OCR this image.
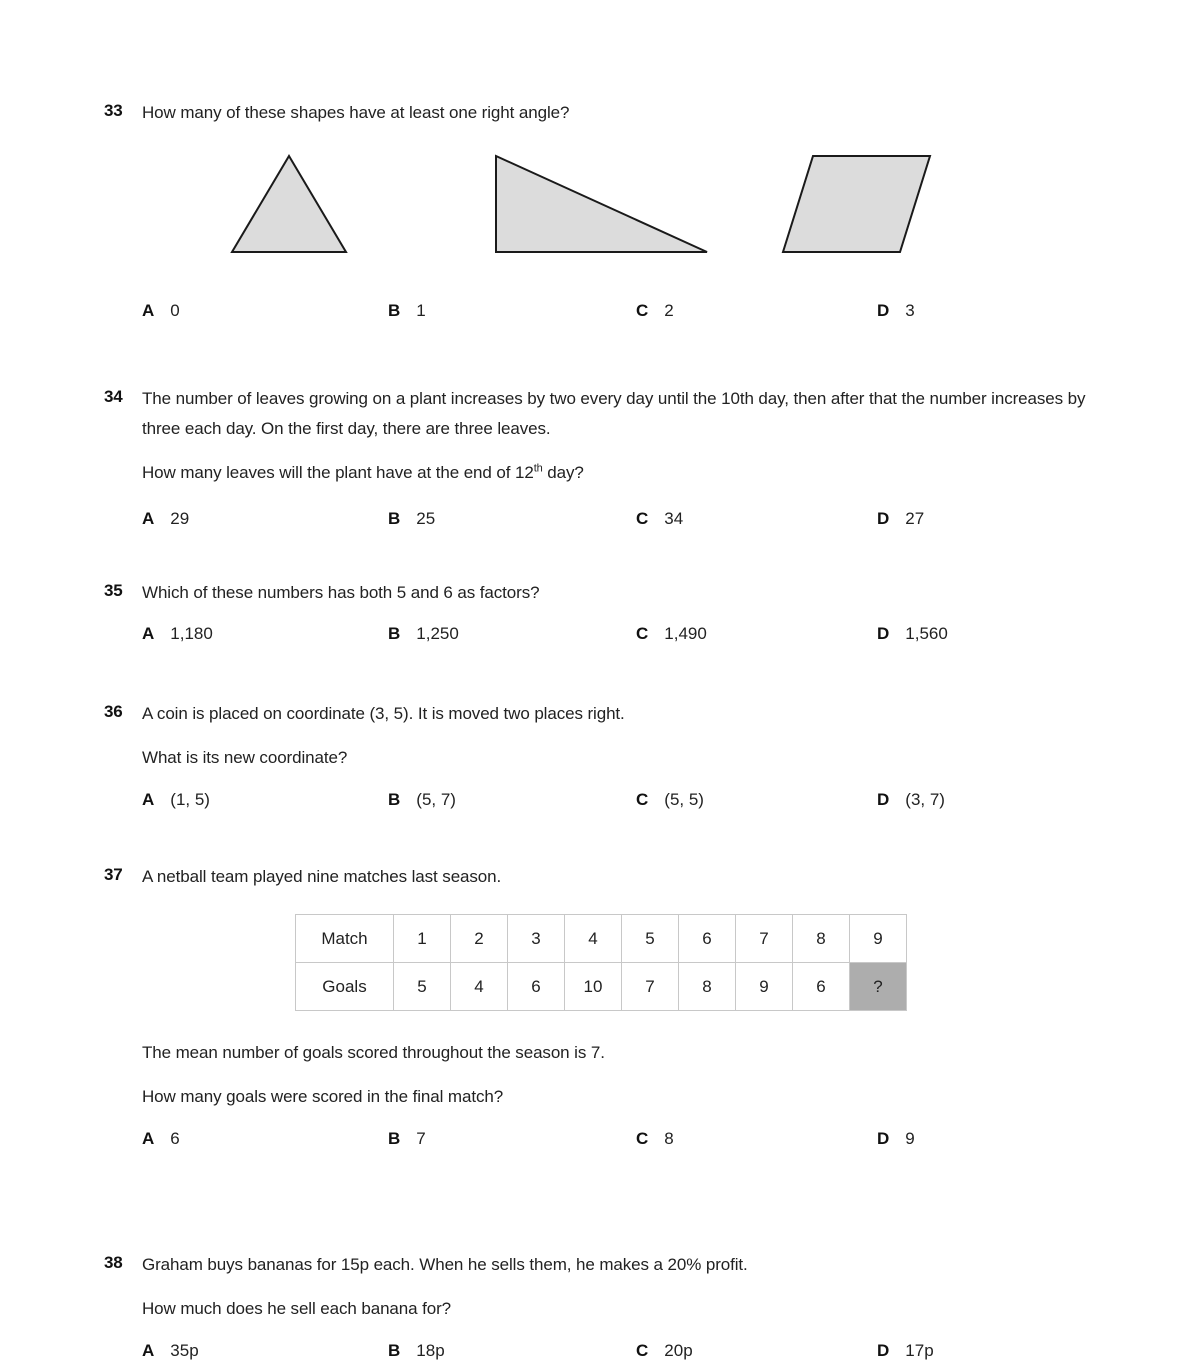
33	How many of these shapes have at least one right angle?

A 0	B 1	C 2	D 3
34	The number of leaves growing on a plant increases by two every day until the 10th day, then after that the number increases by three each day. On the first day, there are three leaves.

How many leaves will the plant have at the end of 12th day?

A 29	B 25	C 34	D 27
35	Which of these numbers has both 5 and 6 as factors?

A 1,180	B 1,250	C 1,490	D 1,560
36	A coin is placed on coordinate (3, 5). It is moved two places right.

What is its new coordinate?

A (1, 5)	B (5, 7)	C (5, 5)	D (3, 7)
37	A netball team played nine matches last season.

Match	1	2	3	4	5	6	7	8	9
Goals	5	4	6	10	7	8	9	6	?

The mean number of goals scored throughout the season is 7.

How many goals were scored in the final match?

A 6	B 7	C 8	D 9
38	Graham buys bananas for 15p each. When he sells them, he makes a 20% profit.

How much does he sell each banana for?

A 35p	B 18p	C 20p	D 17p
